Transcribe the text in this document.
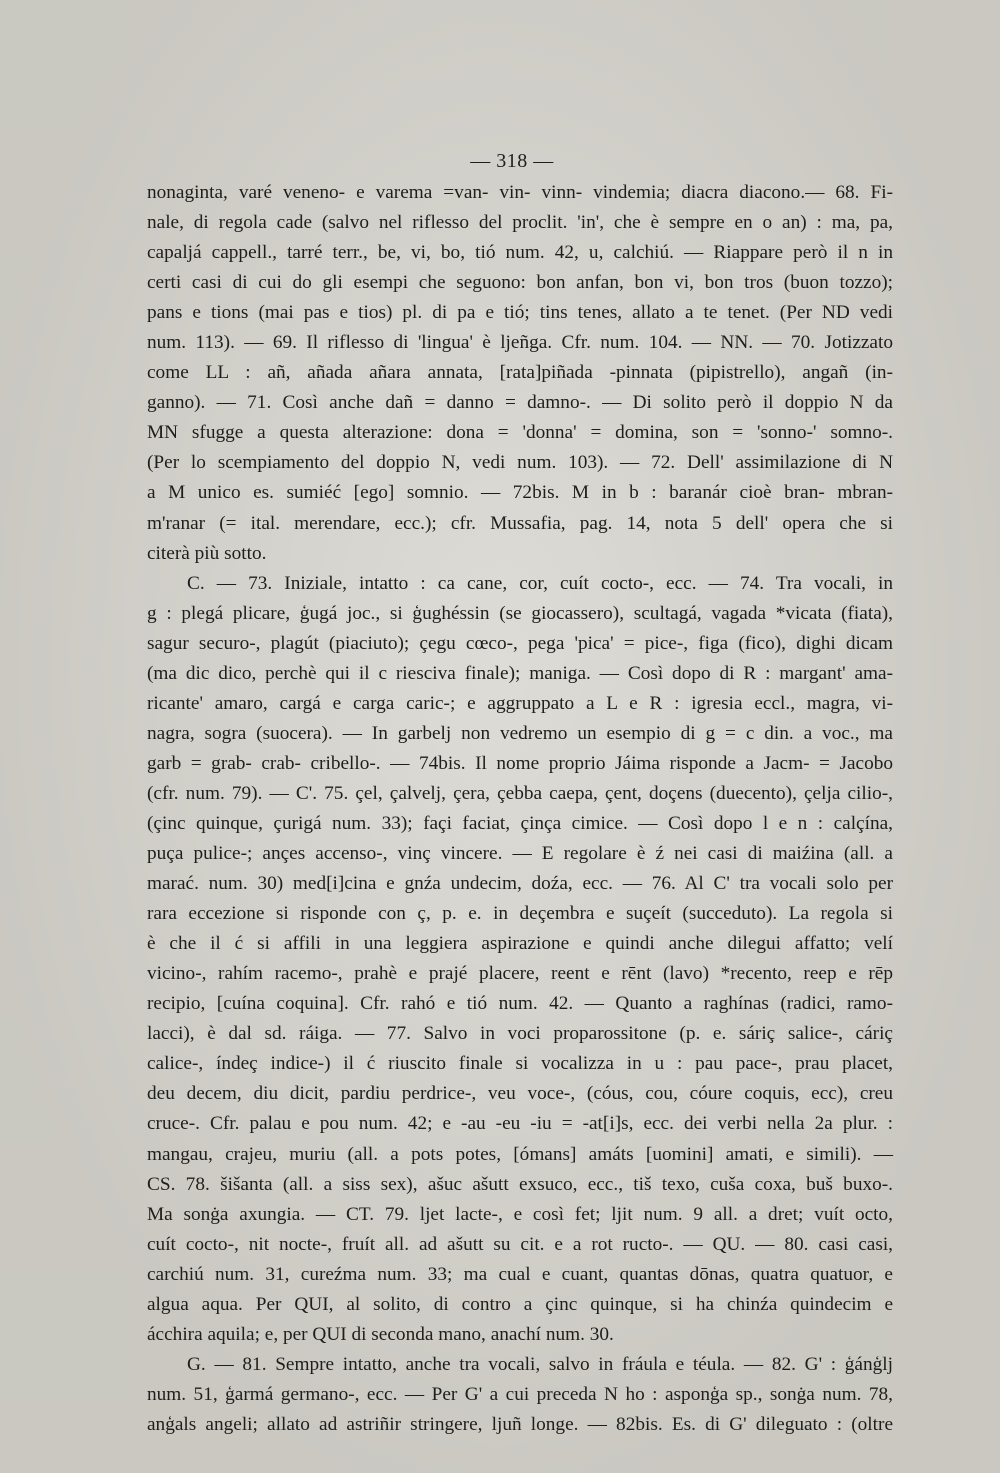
— 318 —
nonaginta, varé veneno- e varema =van- vin- vinn- vindemia; diacra diacono.— 68. Fi-
nale, di regola cade (salvo nel riflesso del proclit. 'in', che è sempre en o an) : ma, pa,
capaljá cappell., tarré terr., be, vi, bo, tió num. 42, u, calchiú. — Riappare però il n in
certi casi di cui do gli esempi che seguono: bon anfan, bon vi, bon tros (buon tozzo);
pans e tions (mai pas e tios) pl. di pa e tió; tins tenes, allato a te tenet. (Per ND vedi
num. 113). — 69. Il riflesso di 'lingua' è ljeñga. Cfr. num. 104. — NN. — 70. Jotizzato
come LL : añ, añada añara annata, [rata]piñada -pinnata (pipistrello), angañ (in-
ganno). — 71. Così anche dañ = danno = damno-. — Di solito però il doppio N da
MN sfugge a questa alterazione: dona = 'donna' = domina, son = 'sonno-' somno-.
(Per lo scempiamento del doppio N, vedi num. 103). — 72. Dell' assimilazione di N
a M unico es. sumiéć [ego] somnio. — 72bis. M in b : baranár cioè bran- mbran-
m'ranar (= ital. merendare, ecc.); cfr. Mussafia, pag. 14, nota 5 dell' opera che si
citerà più sotto.
C. — 73. Iniziale, intatto : ca cane, cor, cuít cocto-, ecc. — 74. Tra vocali, in
g : plegá plicare, ģugá joc., si ģughéssin (se giocassero), scultagá, vagada *vicata (fiata),
sagur securo-, plagút (piaciuto); çegu cœco-, pega 'pica' = pice-, figa (fico), dighi dicam
(ma dic dico, perchè qui il c riesciva finale); maniga. — Così dopo di R : margant' ama-
ricante' amaro, cargá e carga caric-; e aggruppato a L e R : igresia eccl., magra, vi-
nagra, sogra (suocera). — In garbelj non vedremo un esempio di g = c din. a voc., ma
garb = grab- crab- cribello-. — 74bis. Il nome proprio Jáima risponde a Jacm- = Jacobo
(cfr. num. 79). — C'. 75. çel, çalvelj, çera, çebba caepa, çent, doçens (duecento), çelja cilio-,
(çinc quinque, çurigá num. 33); façi faciat, çinça cimice. — Così dopo l e n : calçína,
puça pulice-; ançes accenso-, vinç vincere. — E regolare è ź nei casi di maiźina (all. a
marać. num. 30) med[i]cina e gnźa undecim, doźa, ecc. — 76. Al C' tra vocali solo per
rara eccezione si risponde con ç, p. e. in deçembra e suçeít (succeduto). La regola si
è che il ć si affili in una leggiera aspirazione e quindi anche dilegui affatto; velí
vicino-, rahím racemo-, prahè e prajé placere, reent e rēnt (lavo) *recento, reep e rēp
recipio, [cuína coquina]. Cfr. rahó e tió num. 42. — Quanto a raghínas (radici, ramo-
lacci), è dal sd. ráiga. — 77. Salvo in voci proparossitone (p. e. sáriç salice-, cáriç
calice-, índeç indice-) il ć riuscito finale si vocalizza in u : pau pace-, prau placet,
deu decem, diu dicit, pardiu perdrice-, veu voce-, (cóus, cou, cóure coquis, ecc), creu
cruce-. Cfr. palau e pou num. 42; e -au -eu -iu = -at[i]s, ecc. dei verbi nella 2a plur. :
mangau, crajeu, muriu (all. a pots potes, [ómans] amáts [uomini] amati, e simili). —
CS. 78. šišanta (all. a siss sex), ašuc ašutt exsuco, ecc., tiš texo, cuša coxa, buš buxo-.
Ma sonġa axungia. — CT. 79. ljet lacte-, e così fet; ljit num. 9 all. a dret; vuít octo,
cuít cocto-, nit nocte-, fruít all. ad ašutt su cit. e a rot ructo-. — QU. — 80. casi casi,
carchiú num. 31, cureźma num. 33; ma cual e cuant, quantas dōnas, quatra quatuor, e
algua aqua. Per QUI, al solito, di contro a çinc quinque, si ha chinźa quindecim e
ácchira aquila; e, per QUI di seconda mano, anachí num. 30.
G. — 81. Sempre intatto, anche tra vocali, salvo in fráula e téula. — 82. G' : ģánģlj
num. 51, ģarmá germano-, ecc. — Per G' a cui preceda N ho : asponģa sp., sonġa num. 78,
anģals angeli; allato ad astriñir stringere, ljuñ longe. — 82bis. Es. di G' dileguato : (oltre
